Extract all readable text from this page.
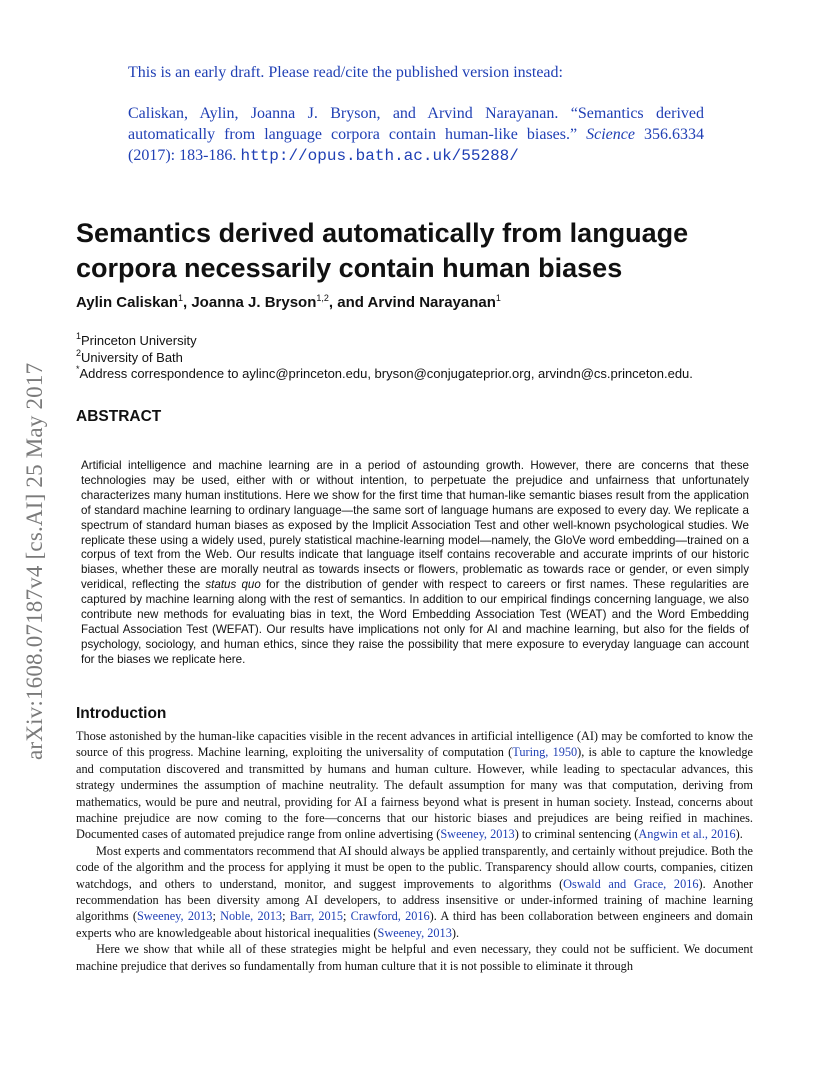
This is an early draft. Please read/cite the published version instead:
Caliskan, Aylin, Joanna J. Bryson, and Arvind Narayanan. “Semantics derived automatically from language corpora contain human-like biases.” Science 356.6334 (2017): 183-186. http://opus.bath.ac.uk/55288/
arXiv:1608.07187v4 [cs.AI] 25 May 2017
Semantics derived automatically from language corpora necessarily contain human biases
Aylin Caliskan$^1$, Joanna J. Bryson$^{1,2}$, and Arvind Narayanan$^1$
$^1$Princeton University
$^2$University of Bath
*Address correspondence to aylinc@princeton.edu, bryson@conjugateprior.org, arvindn@cs.princeton.edu.
ABSTRACT
Artificial intelligence and machine learning are in a period of astounding growth. However, there are concerns that these technologies may be used, either with or without intention, to perpetuate the prejudice and unfairness that unfortunately characterizes many human institutions. Here we show for the first time that human-like semantic biases result from the application of standard machine learning to ordinary language—the same sort of language humans are exposed to every day. We replicate a spectrum of standard human biases as exposed by the Implicit Association Test and other well-known psychological studies. We replicate these using a widely used, purely statistical machine-learning model—namely, the GloVe word embedding—trained on a corpus of text from the Web. Our results indicate that language itself contains recoverable and accurate imprints of our historic biases, whether these are morally neutral as towards insects or flowers, problematic as towards race or gender, or even simply veridical, reflecting the status quo for the distribution of gender with respect to careers or first names. These regularities are captured by machine learning along with the rest of semantics. In addition to our empirical findings concerning language, we also contribute new methods for evaluating bias in text, the Word Embedding Association Test (WEAT) and the Word Embedding Factual Association Test (WEFAT). Our results have implications not only for AI and machine learning, but also for the fields of psychology, sociology, and human ethics, since they raise the possibility that mere exposure to everyday language can account for the biases we replicate here.
Introduction

Those astonished by the human-like capacities visible in the recent advances in artificial intelligence (AI) may be comforted to know the source of this progress. Machine learning, exploiting the universality of computation (Turing, 1950), is able to capture the knowledge and computation discovered and transmitted by humans and human culture. However, while leading to spectacular advances, this strategy undermines the assumption of machine neutrality. The default assumption for many was that computation, deriving from mathematics, would be pure and neutral, providing for AI a fairness beyond what is present in human society. Instead, concerns about machine prejudice are now coming to the fore—concerns that our historic biases and prejudices are being reified in machines. Documented cases of automated prejudice range from online advertising (Sweeney, 2013) to criminal sentencing (Angwin et al., 2016).

Most experts and commentators recommend that AI should always be applied transparently, and certainly without prejudice. Both the code of the algorithm and the process for applying it must be open to the public. Transparency should allow courts, companies, citizen watchdogs, and others to understand, monitor, and suggest improvements to algorithms (Oswald and Grace, 2016). Another recommendation has been diversity among AI developers, to address insensitive or under-informed training of machine learning algorithms (Sweeney, 2013; Noble, 2013; Barr, 2015; Crawford, 2016). A third has been collaboration between engineers and domain experts who are knowledgeable about historical inequalities (Sweeney, 2013).

Here we show that while all of these strategies might be helpful and even necessary, they could not be sufficient. We document machine prejudice that derives so fundamentally from human culture that it is not possible to eliminate it through
